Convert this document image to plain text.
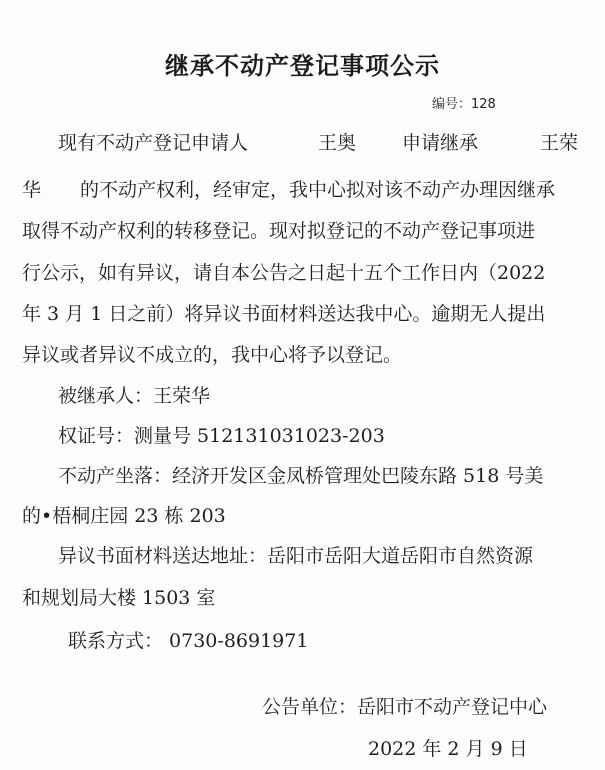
继承不动产登记事项公示
编号：128
现有不动产登记申请人	王奥 申请继承	王荣
华 的不动产权利，经审定，我中心拟对该不动产办理因继承
取得不动产权利的转移登记。现对拟登记的不动产登记事项进
行公示，如有异议，请自本公告之日起十五个工作日内（2022
年 3 月 1 日之前）将异议书面材料送达我中心。逾期无人提出
异议或者异议不成立的，我中心将予以登记。
被继承人：王荣华
权证号：测量号 512131031023-203
不动产坐落：经济开发区金凤桥管理处巴陵东路 518 号美
的•梧桐庄园 23 栋 203
异议书面材料送达地址：岳阳市岳阳大道岳阳市自然资源
和规划局大楼 1503 室
联系方式： 0730-8691971
公告单位：岳阳市不动产登记中心
2022 年 2 月 9 日
